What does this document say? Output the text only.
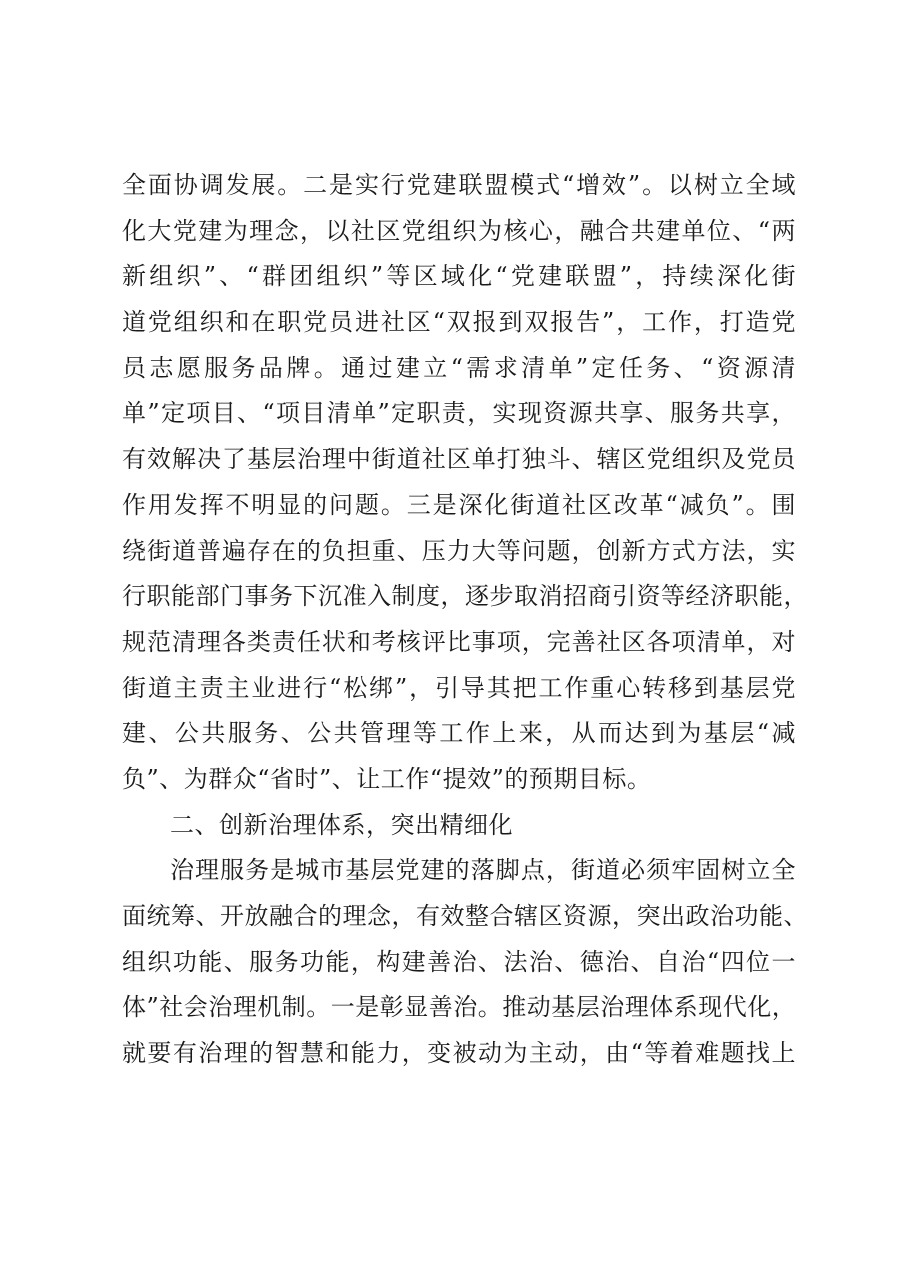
全面协调发展。二是实行党建联盟模式“增效”。以树立全域
化大党建为理念，以社区党组织为核心，融合共建单位、“两
新组织”、“群团组织”等区域化“党建联盟”，持续深化街
道党组织和在职党员进社区“双报到双报告”，工作，打造党
员志愿服务品牌。通过建立“需求清单”定任务、“资源清
单”定项目、“项目清单”定职责，实现资源共享、服务共享，
有效解决了基层治理中街道社区单打独斗、辖区党组织及党员
作用发挥不明显的问题。三是深化街道社区改革“减负”。围
绕街道普遍存在的负担重、压力大等问题，创新方式方法，实
行职能部门事务下沉准入制度，逐步取消招商引资等经济职能，
规范清理各类责任状和考核评比事项，完善社区各项清单，对
街道主责主业进行“松绑”，引导其把工作重心转移到基层党
建、公共服务、公共管理等工作上来，从而达到为基层“减
负”、为群众“省时”、让工作“提效”的预期目标。
二、创新治理体系，突出精细化
治理服务是城市基层党建的落脚点，街道必须牢固树立全
面统筹、开放融合的理念，有效整合辖区资源，突出政治功能、
组织功能、服务功能，构建善治、法治、德治、自治“四位一
体”社会治理机制。一是彰显善治。推动基层治理体系现代化，
就要有治理的智慧和能力，变被动为主动，由“等着难题找上
